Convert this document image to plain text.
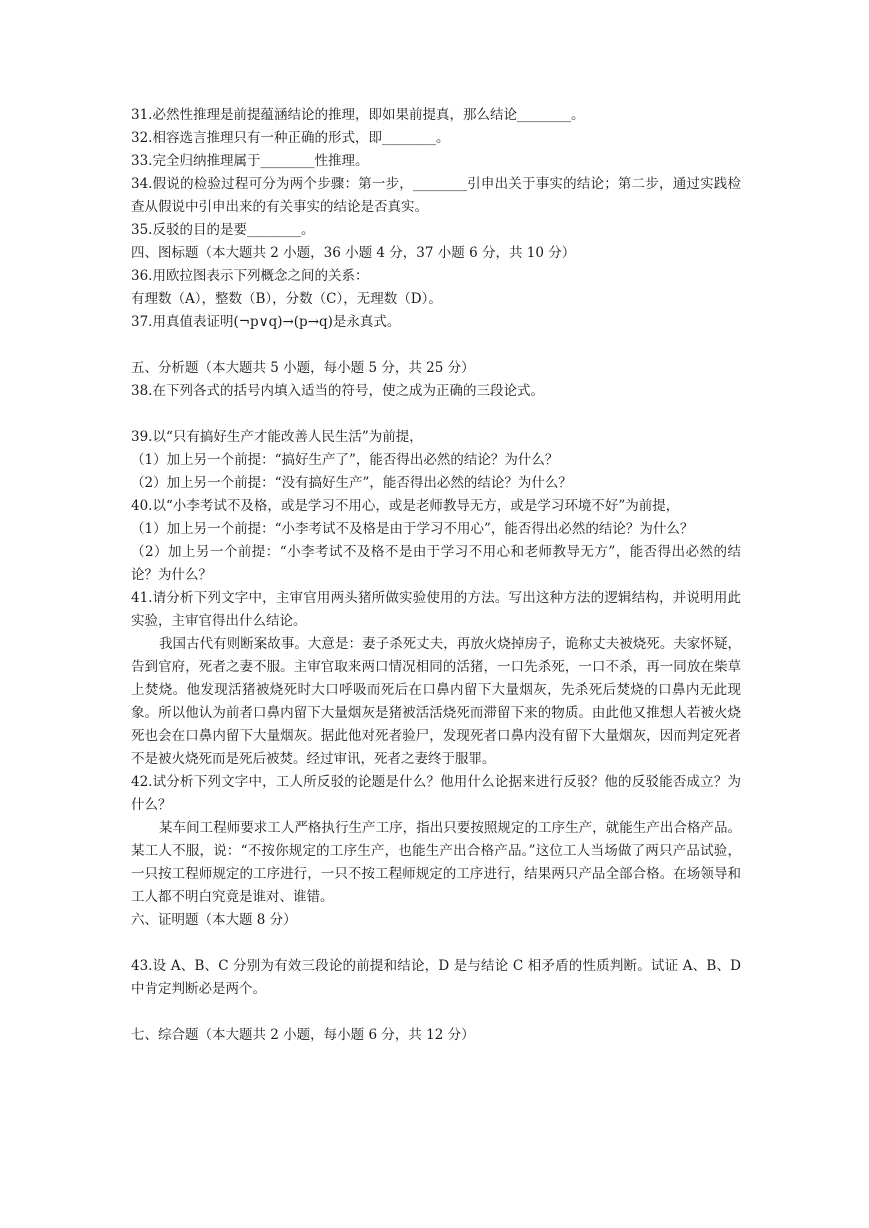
31.必然性推理是前提蕴涵结论的推理，即如果前提真，那么结论________。

32.相容选言推理只有一种正确的形式，即________。

33.完全归纳推理属于________性推理。

34.假说的检验过程可分为两个步骤：第一步，________引申出关于事实的结论；第二步，通过实践检查从假说中引申出来的有关事实的结论是否真实。

35.反驳的目的是要________。

四、图标题（本大题共 2 小题，36 小题 4 分，37 小题 6 分，共 10 分）

36.用欧拉图表示下列概念之间的关系：

有理数（A），整数（B），分数（C），无理数（D）。

37.用真值表证明(¬p∨q)→(p→q)是永真式。

五、分析题（本大题共 5 小题，每小题 5 分，共 25 分）

38.在下列各式的括号内填入适当的符号，使之成为正确的三段论式。

39.以“只有搞好生产才能改善人民生活”为前提，

（1）加上另一个前提：“搞好生产了”，能否得出必然的结论？为什么？

（2）加上另一个前提：“没有搞好生产”，能否得出必然的结论？为什么？

40.以“小李考试不及格，或是学习不用心，或是老师教导无方，或是学习环境不好”为前提，

（1）加上另一个前提：“小李考试不及格是由于学习不用心”，能否得出必然的结论？为什么？

（2）加上另一个前提：“小李考试不及格不是由于学习不用心和老师教导无方”，能否得出必然的结论？为什么？

41.请分析下列文字中，主审官用两头猪所做实验使用的方法。写出这种方法的逻辑结构，并说明用此实验，主审官得出什么结论。

我国古代有则断案故事。大意是：妻子杀死丈夫，再放火烧掉房子，诡称丈夫被烧死。夫家怀疑，告到官府，死者之妻不服。主审官取来两口情况相同的活猪，一口先杀死，一口不杀，再一同放在柴草上焚烧。他发现活猪被烧死时大口呼吸而死后在口鼻内留下大量烟灰，先杀死后焚烧的口鼻内无此现象。所以他认为前者口鼻内留下大量烟灰是猪被活活烧死而滞留下来的物质。由此他又推想人若被火烧死也会在口鼻内留下大量烟灰。据此他对死者验尸，发现死者口鼻内没有留下大量烟灰，因而判定死者不是被火烧死而是死后被焚。经过审讯，死者之妻终于服罪。

42.试分析下列文字中，工人所反驳的论题是什么？他用什么论据来进行反驳？他的反驳能否成立？为什么？

某车间工程师要求工人严格执行生产工序，指出只要按照规定的工序生产，就能生产出合格产品。某工人不服，说：“不按你规定的工序生产，也能生产出合格产品。”这位工人当场做了两只产品试验，一只按工程师规定的工序进行，一只不按工程师规定的工序进行，结果两只产品全部合格。在场领导和工人都不明白究竟是谁对、谁错。

六、证明题（本大题 8 分）

43.设 A、B、C 分别为有效三段论的前提和结论，D 是与结论 C 相矛盾的性质判断。试证 A、B、D 中肯定判断必是两个。

七、综合题（本大题共 2 小题，每小题 6 分，共 12 分）
